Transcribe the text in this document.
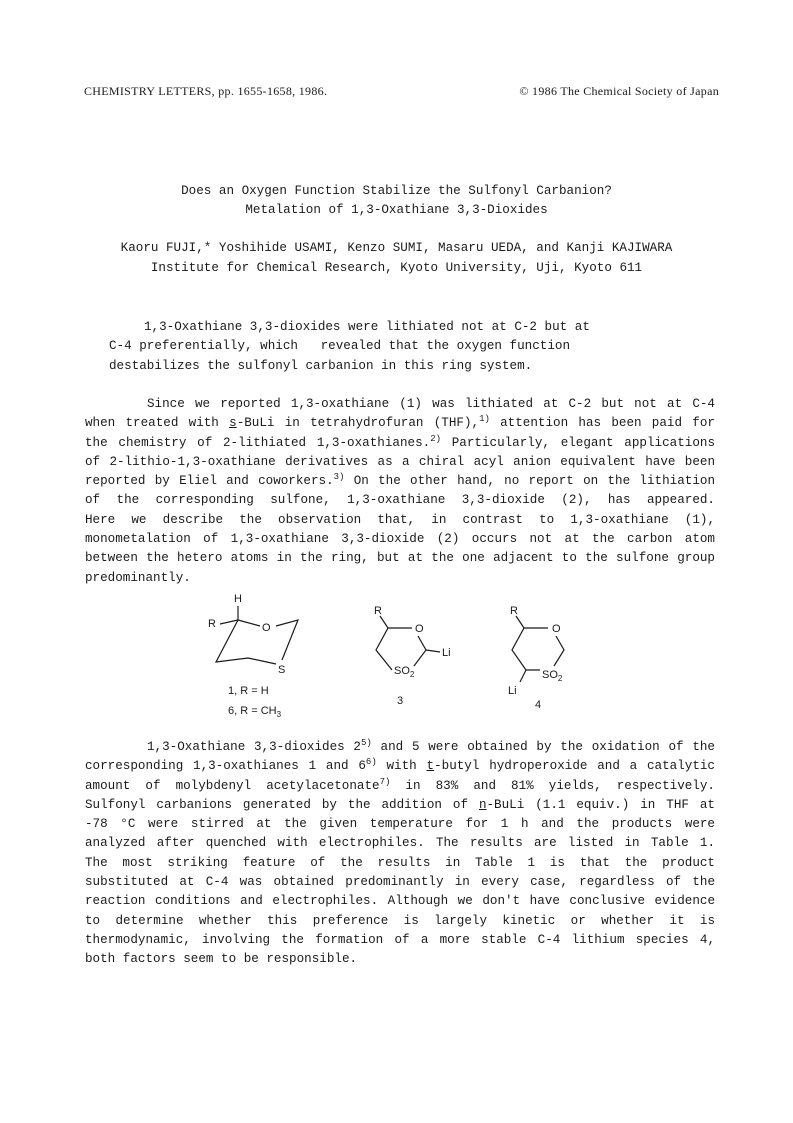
CHEMISTRY LETTERS, pp. 1655-1658, 1986.	© 1986 The Chemical Society of Japan
Does an Oxygen Function Stabilize the Sulfonyl Carbanion?
Metalation of 1,3-Oxathiane 3,3-Dioxides
Kaoru FUJI,* Yoshihide USAMI, Kenzo SUMI, Masaru UEDA, and Kanji KAJIWARA
Institute for Chemical Research, Kyoto University, Uji, Kyoto 611
1,3-Oxathiane 3,3-dioxides were lithiated not at C-2 but at
C-4 preferentially, which   revealed that the oxygen function
destabilizes the sulfonyl carbanion in this ring system.
Since we reported 1,3-oxathiane (1) was lithiated at C-2 but not at C-4
when treated with s-BuLi in tetrahydrofuran (THF),$^{1)}$ attention has been paid for
the chemistry of 2-lithiated 1,3-oxathianes.$^{2)}$ Particularly, elegant applications
of 2-lithio-1,3-oxathiane derivatives as a chiral acyl anion equivalent have been
reported by Eliel and coworkers.$^{3)}$ On the other hand, no report on the lithiation
of the corresponding sulfone, 1,3-oxathiane 3,3-dioxide (2), has appeared.
Here we describe the observation that, in contrast to 1,3-oxathiane (1),
monometalation of 1,3-oxathiane 3,3-dioxide (2) occurs not at the carbon atom
between the hetero atoms in the ring, but at the one adjacent to the sulfone group
predominantly.
H
R	O
S
1, R = H
6, $R = CH_3$
R
O
Li
$SO_2$
3
R
O
$SO_2$
Li
4
1,3-Oxathiane 3,3-dioxides 2$^{5)}$ and 5 were obtained by the oxidation of the
corresponding 1,3-oxathianes 1 and 6$^{6)}$ with t-butyl hydroperoxide and a catalytic
amount of molybdenyl acetylacetonate$^{7)}$ in 83% and 81% yields, respectively.
Sulfonyl carbanions generated by the addition of n-BuLi (1.1 equiv.) in THF at
-78 °C were stirred at the given temperature for 1 h and the products were
analyzed after quenched with electrophiles. The results are listed in Table 1.
The most striking feature of the results in Table 1 is that the product
substituted at C-4 was obtained predominantly in every case, regardless of the
reaction conditions and electrophiles. Although we don't have conclusive evidence
to determine whether this preference is largely kinetic or whether it is
thermodynamic, involving the formation of a more stable C-4 lithium species 4,
both factors seem to be responsible.
